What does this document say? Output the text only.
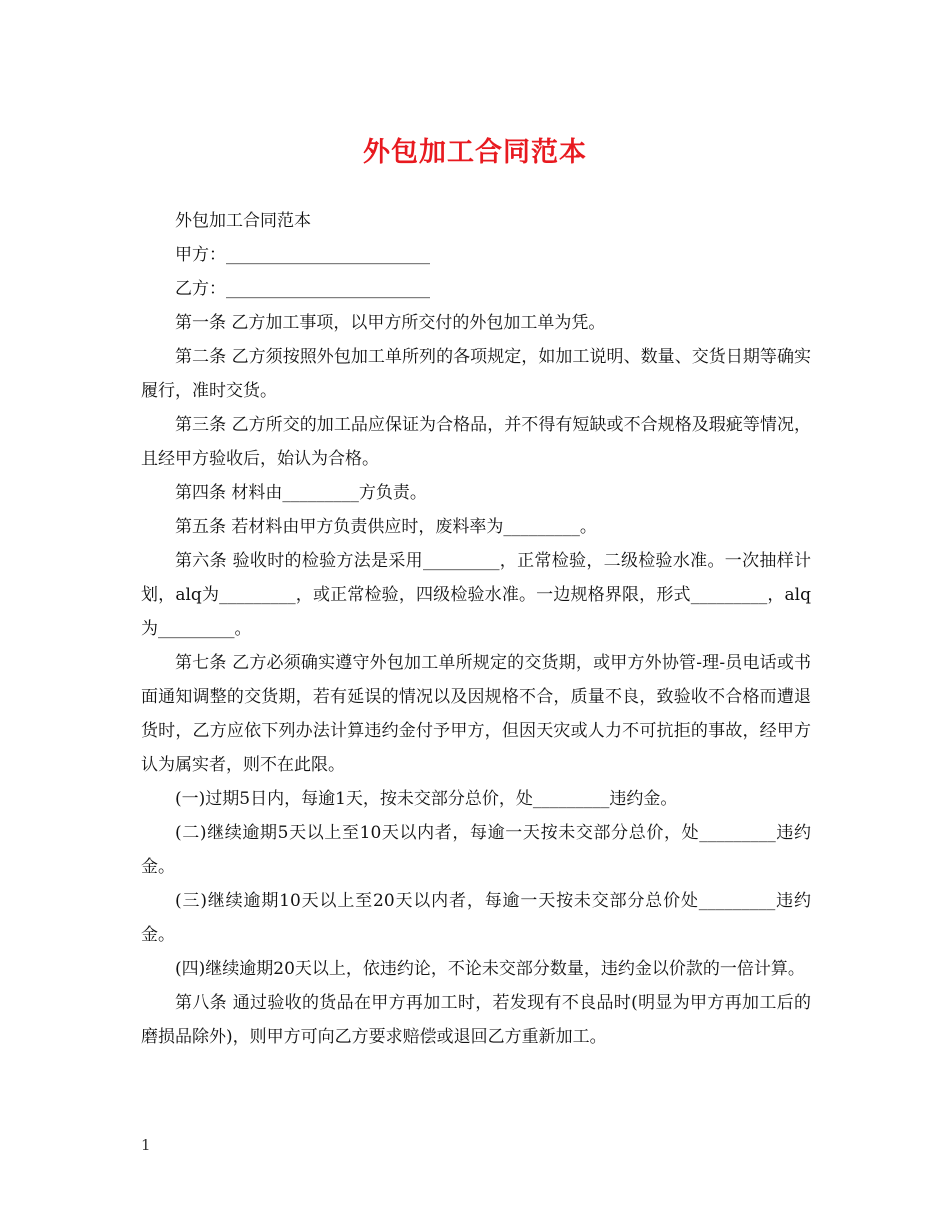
外包加工合同范本

外包加工合同范本

甲方：________________________

乙方：________________________

第一条 乙方加工事项，以甲方所交付的外包加工单为凭。

第二条 乙方须按照外包加工单所列的各项规定，如加工说明、数量、交货日期等确实履行，准时交货。

第三条 乙方所交的加工品应保证为合格品，并不得有短缺或不合规格及瑕疵等情况，且经甲方验收后，始认为合格。

第四条 材料由_________方负责。

第五条 若材料由甲方负责供应时，废料率为_________。

第六条 验收时的检验方法是采用_________，正常检验，二级检验水准。一次抽样计划，alq为_________，或正常检验，四级检验水准。一边规格界限，形式_________，alq为_________。

第七条 乙方必须确实遵守外包加工单所规定的交货期，或甲方外协管-理-员电话或书面通知调整的交货期，若有延误的情况以及因规格不合，质量不良，致验收不合格而遭退货时，乙方应依下列办法计算违约金付予甲方，但因天灾或人力不可抗拒的事故，经甲方认为属实者，则不在此限。

(一)过期5日内，每逾1天，按未交部分总价，处_________违约金。

(二)继续逾期5天以上至10天以内者，每逾一天按未交部分总价，处_________违约金。

(三)继续逾期10天以上至20天以内者，每逾一天按未交部分总价处_________违约金。

(四)继续逾期20天以上，依违约论，不论未交部分数量，违约金以价款的一倍计算。

第八条 通过验收的货品在甲方再加工时，若发现有不良品时(明显为甲方再加工后的磨损品除外)，则甲方可向乙方要求赔偿或退回乙方重新加工。

1
